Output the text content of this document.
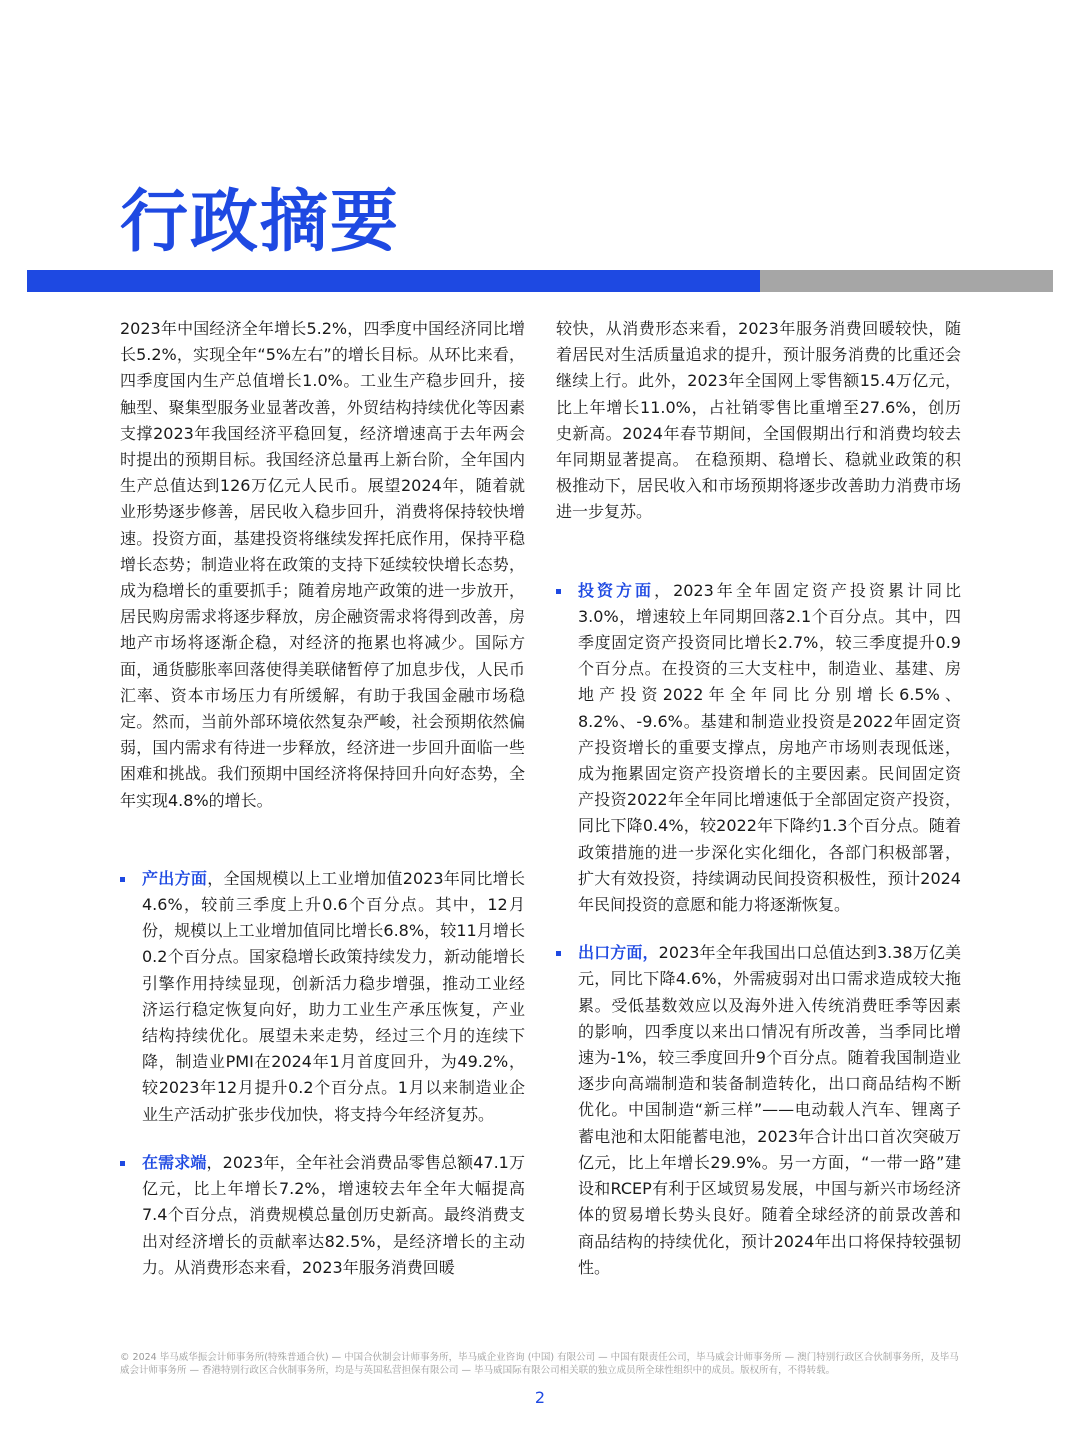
行政摘要

2023年中国经济全年增长5.2%，四季度中国经济同比增长5.2%，实现全年“5%左右”的增长目标。从环比来看，四季度国内生产总值增长1.0%。工业生产稳步回升，接触型、聚集型服务业显著改善，外贸结构持续优化等因素支撑2023年我国经济平稳回复，经济增速高于去年两会时提出的预期目标。我国经济总量再上新台阶，全年国内生产总值达到126万亿元人民币。展望2024年，随着就业形势逐步修善，居民收入稳步回升，消费将保持较快增速。投资方面，基建投资将继续发挥托底作用，保持平稳增长态势；制造业将在政策的支持下延续较快增长态势，成为稳增长的重要抓手；随着房地产政策的进一步放开，居民购房需求将逐步释放，房企融资需求将得到改善，房地产市场将逐渐企稳，对经济的拖累也将减少。国际方面，通货膨胀率回落使得美联储暂停了加息步伐，人民币汇率、资本市场压力有所缓解，有助于我国金融市场稳定。然而，当前外部环境依然复杂严峻，社会预期依然偏弱，国内需求有待进一步释放，经济进一步回升面临一些困难和挑战。我们预期中国经济将保持回升向好态势，全年实现4.8%的增长。

产出方面，全国规模以上工业增加值2023年同比增长4.6%，较前三季度上升0.6个百分点。其中，12月份，规模以上工业增加值同比增长6.8%，较11月增长0.2个百分点。国家稳增长政策持续发力，新动能增长引擎作用持续显现，创新活力稳步增强，推动工业经济运行稳定恢复向好，助力工业生产承压恢复，产业结构持续优化。展望未来走势，经过三个月的连续下降，制造业PMI在2024年1月首度回升，为49.2%，较2023年12月提升0.2个百分点。1月以来制造业企业生产活动扩张步伐加快，将支持今年经济复苏。

在需求端，2023年，全年社会消费品零售总额47.1万亿元，比上年增长7.2%，增速较去年全年大幅提高7.4个百分点，消费规模总量创历史新高。最终消费支出对经济增长的贡献率达82.5%，是经济增长的主动力。从消费形态来看，2023年服务消费回暖

较快，从消费形态来看，2023年服务消费回暖较快，随着居民对生活质量追求的提升，预计服务消费的比重还会继续上行。此外，2023年全国网上零售额15.4万亿元，比上年增长11.0%，占社销零售比重增至27.6%，创历史新高。2024年春节期间，全国假期出行和消费均较去年同期显著提高。 在稳预期、稳增长、稳就业政策的积极推动下，居民收入和市场预期将逐步改善助力消费市场进一步复苏。

投资方面，2023年全年固定资产投资累计同比3.0%，增速较上年同期回落2.1个百分点。其中，四季度固定资产投资同比增长2.7%，较三季度提升0.9个百分点。在投资的三大支柱中，制造业、基建、房地产投资2022年全年同比分别增长6.5%、8.2%、-9.6%。基建和制造业投资是2022年固定资产投资增长的重要支撑点，房地产市场则表现低迷，成为拖累固定资产投资增长的主要因素。民间固定资产投资2022年全年同比增速低于全部固定资产投资，同比下降0.4%，较2022年下降约1.3个百分点。随着政策措施的进一步深化实化细化，各部门积极部署，扩大有效投资，持续调动民间投资积极性，预计2024年民间投资的意愿和能力将逐渐恢复。

出口方面，2023年全年我国出口总值达到3.38万亿美元，同比下降4.6%，外需疲弱对出口需求造成较大拖累。受低基数效应以及海外进入传统消费旺季等因素的影响，四季度以来出口情况有所改善，当季同比增速为-1%，较三季度回升9个百分点。随着我国制造业逐步向高端制造和装备制造转化，出口商品结构不断优化。中国制造“新三样”——电动载人汽车、锂离子蓄电池和太阳能蓄电池，2023年合计出口首次突破万亿元，比上年增长29.9%。另一方面，“一带一路”建设和RCEP有利于区域贸易发展，中国与新兴市场经济体的贸易增长势头良好。随着全球经济的前景改善和商品结构的持续优化，预计2024年出口将保持较强韧性。

© 2024 毕马威华振会计师事务所(特殊普通合伙) — 中国合伙制会计师事务所，毕马威企业咨询 (中国) 有限公司 — 中国有限责任公司，毕马威会计师事务所 — 澳门特别行政区合伙制事务所，及毕马威会计师事务所 — 香港特别行政区合伙制事务所，均是与英国私营担保有限公司 — 毕马威国际有限公司相关联的独立成员所全球性组织中的成员。版权所有，不得转载。

2
